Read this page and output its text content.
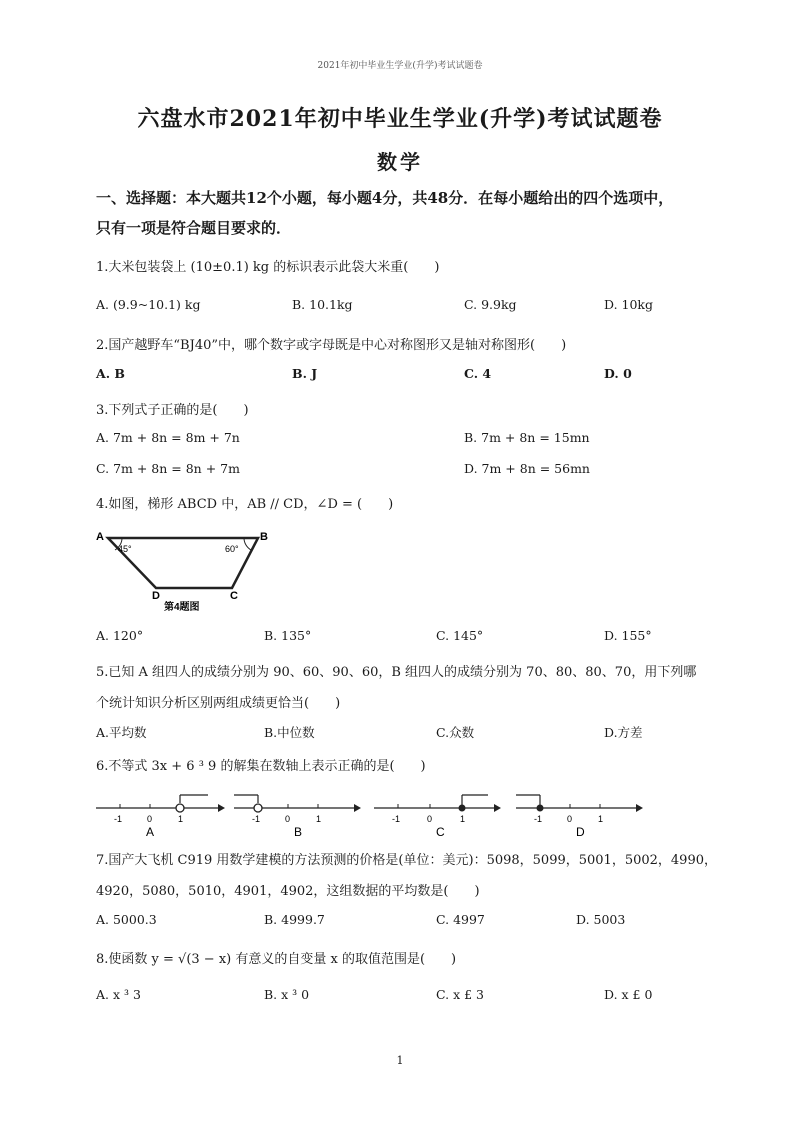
2021年初中毕业生学业(升学)考试试题卷
六盘水市2021年初中毕业生学业(升学)考试试题卷
数学
一、选择题：本大题共12个小题，每小题4分，共48分．在每小题给出的四个选项中，
只有一项是符合题目要求的．
1.大米包装袋上 (10±0.1) kg 的标识表示此袋大米重(　　)
A. (9.9~10.1) kg	B. 10.1kg	C. 9.9kg	D. 10kg
2.国产越野车“BJ40”中，哪个数字或字母既是中心对称图形又是轴对称图形(　　)
A. B	B. J	C. 4	D. 0
3.下列式子正确的是(　　)
A. 7m + 8n = 8m + 7n	B. 7m + 8n = 15mn
C. 7m + 8n = 8n + 7m	D. 7m + 8n = 56mn
4.如图，梯形 ABCD 中，AB // CD，∠D = (　　)
A	B
C
D
45°	60°
第4题图
A. 120°	B. 135°	C. 145°	D. 155°
5.已知 A 组四人的成绩分别为 90、60、90、60，B 组四人的成绩分别为 70、80、80、70，用下列哪
个统计知识分析区别两组成绩更恰当(　　)
A.平均数	B.中位数	C.众数	D.方差
6.不等式 3x + 6 ³ 9 的解集在数轴上表示正确的是(　　)
-1	0	1
A
-1	0	1
B
-1	0	1
C
-1	0	1
D
7.国产大飞机 C919 用数学建模的方法预测的价格是(单位：美元)：5098，5099，5001，5002，4990，
4920，5080，5010，4901，4902，这组数据的平均数是(　　)
A. 5000.3	B. 4999.7	C. 4997	D. 5003
8.使函数 y = √(3 − x) 有意义的自变量 x 的取值范围是(　　)
A. x ³ 3	B. x ³ 0	C. x £ 3	D. x £ 0
1
